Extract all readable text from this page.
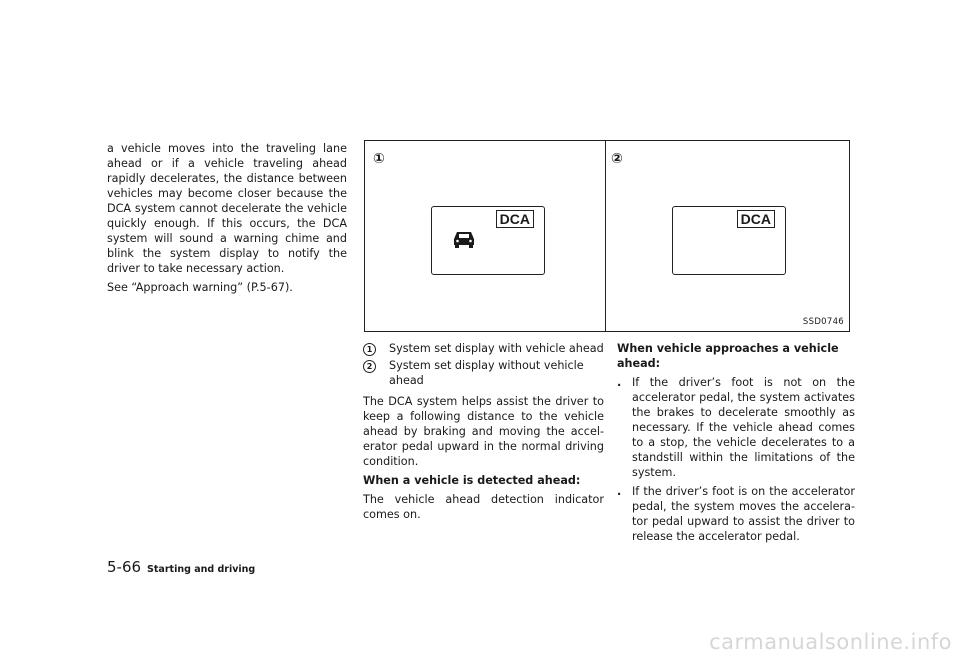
a vehicle moves into the traveling lane ahead or if a vehicle traveling ahead rapidly decelerates, the distance between vehicles may become closer because the DCA system cannot decelerate the vehicle quickly enough. If this occurs, the DCA system will sound a warning chime and blink the system display to notify the driver to take necessary action.

See “Approach warning” (P.5-67).

①
DCA
②
DCA
SSD0746
1	System set display with vehicle ahead
2	System set display without vehicle ahead

The DCA system helps assist the driver to keep a following distance to the vehicle ahead by braking and moving the accel-erator pedal upward in the normal driving condition.

When a vehicle is detected ahead:

The vehicle ahead detection indicator comes on.

When vehicle approaches a vehicle ahead:

. If the driver’s foot is not on the accelerator pedal, the system activates the brakes to decelerate smoothly as necessary. If the vehicle ahead comes to a stop, the vehicle decelerates to a standstill within the limitations of the system.
. If the driver’s foot is on the accelerator pedal, the system moves the accelera-tor pedal upward to assist the driver to release the accelerator pedal.
5-66 Starting and driving
carmanualsonline.info
